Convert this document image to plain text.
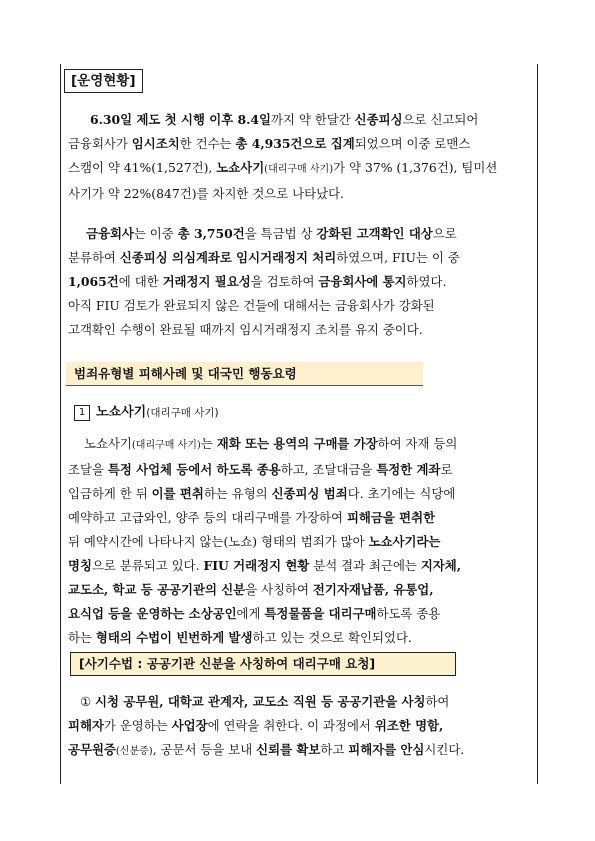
[운영현황]
6.30일 제도 첫 시행 이후 8.4일까지 약 한달간 신종피싱으로 신고되어
금융회사가 임시조치한 건수는 총 4,935건으로 집계되었으며 이중 로맨스
스캠이 약 41%(1,527건), 노쇼사기(대리구매 사기)가 약 37% (1,376건), 팀미션
사기가 약 22%(847건)를 차지한 것으로 나타났다.
금융회사는 이중 총 3,750건을 특금법 상 강화된 고객확인 대상으로
분류하여 신종피싱 의심계좌로 임시거래정지 처리하였으며, FIU는 이 중
1,065건에 대한 거래정지 필요성을 검토하여 금융회사에 통지하였다.
아직 FIU 검토가 완료되지 않은 건들에 대해서는 금융회사가 강화된
고객확인 수행이 완료될 때까지 임시거래정지 조치를 유지 중이다.
범죄유형별 피해사례 및 대국민 행동요령
1 노쇼사기(대리구매 사기)
노쇼사기(대리구매 사기)는 재화 또는 용역의 구매를 가장하여 자재 등의
조달을 특정 사업체 등에서 하도록 종용하고, 조달대금을 특정한 계좌로
입금하게 한 뒤 이를 편취하는 유형의 신종피싱 범죄다. 초기에는 식당에
예약하고 고급와인, 양주 등의 대리구매를 가장하여 피해금을 편취한
뒤 예약시간에 나타나지 않는(노쇼) 형태의 범죄가 많아 노쇼사기라는
명칭으로 분류되고 있다. FIU 거래정지 현황 분석 결과 최근에는 지자체,
교도소, 학교 등 공공기관의 신분을 사칭하여 전기자재납품, 유통업,
요식업 등을 운영하는 소상공인에게 특정물품을 대리구매하도록 종용
하는 형태의 수법이 빈번하게 발생하고 있는 것으로 확인되었다.
[사기수법 : 공공기관 신분을 사칭하여 대리구매 요청]
① 시청 공무원, 대학교 관계자, 교도소 직원 등 공공기관을 사칭하여
피해자가 운영하는 사업장에 연락을 취한다. 이 과정에서 위조한 명함,
공무원증(신분증), 공문서 등을 보내 신뢰를 확보하고 피해자를 안심시킨다.
